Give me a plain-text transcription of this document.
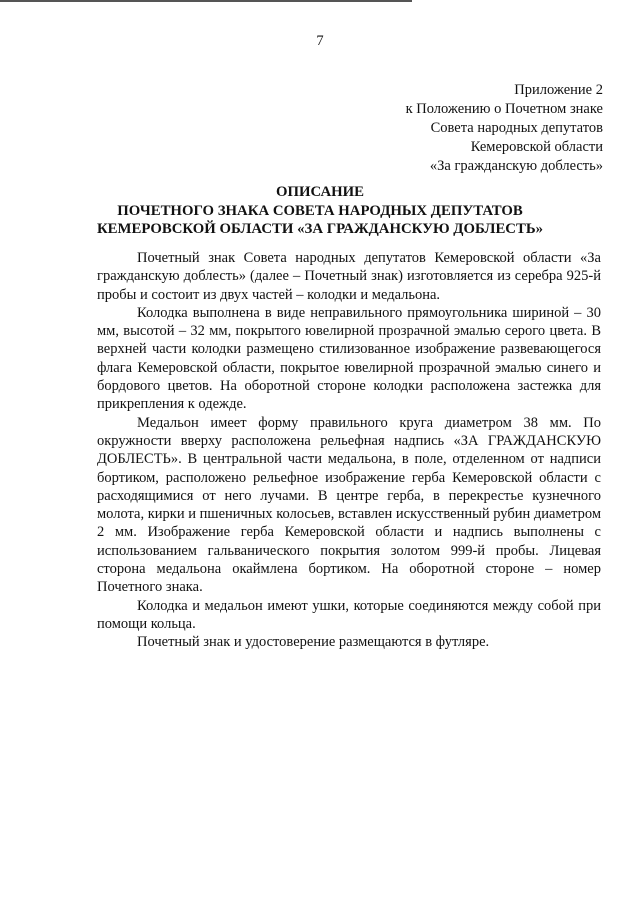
7
Приложение 2
к Положению о Почетном знаке
Совета народных депутатов
Кемеровской области
«За гражданскую доблесть»
ОПИСАНИЕ
ПОЧЕТНОГО ЗНАКА СОВЕТА НАРОДНЫХ ДЕПУТАТОВ
КЕМЕРОВСКОЙ ОБЛАСТИ «ЗА ГРАЖДАНСКУЮ ДОБЛЕСТЬ»

Почетный знак Совета народных депутатов Кемеровской области «За гражданскую доблесть» (далее – Почетный знак) изготовляется из серебра 925-й пробы и состоит из двух частей – колодки и медальона.

Колодка выполнена в виде неправильного прямоугольника шириной – 30 мм, высотой – 32 мм, покрытого ювелирной прозрачной эмалью серого цвета. В верхней части колодки размещено стилизованное изображение развевающегося флага Кемеровской области, покрытое ювелирной прозрачной эмалью синего и бордового цветов. На оборотной стороне колодки расположена застежка для прикрепления к одежде.

Медальон имеет форму правильного круга диаметром 38 мм. По окружности вверху расположена рельефная надпись «ЗА ГРАЖДАНСКУЮ ДОБЛЕСТЬ». В центральной части медальона, в поле, отделенном от надписи бортиком, расположено рельефное изображение герба Кемеровской области с расходящимися от него лучами. В центре герба, в перекрестье кузнечного молота, кирки и пшеничных колосьев, вставлен искусственный рубин диаметром 2 мм. Изображение герба Кемеровской области и надпись выполнены с использованием гальванического покрытия золотом 999-й пробы. Лицевая сторона медальона окаймлена бортиком. На оборотной стороне – номер Почетного знака.

Колодка и медальон имеют ушки, которые соединяются между собой при помощи кольца.

Почетный знак и удостоверение размещаются в футляре.
